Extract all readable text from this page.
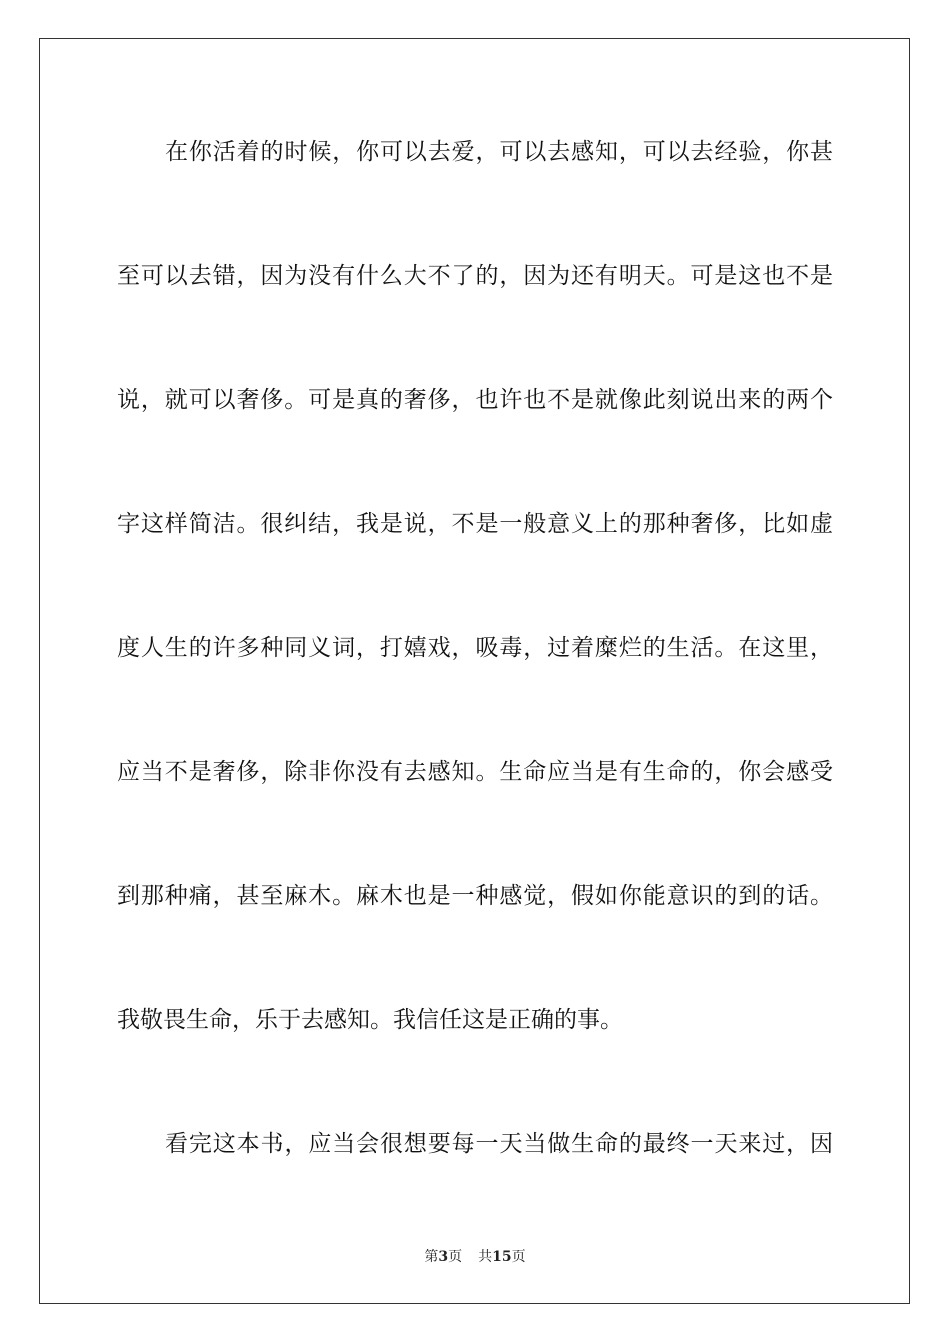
在你活着的时候，你可以去爱，可以去感知，可以去经验，你甚
至可以去错，因为没有什么大不了的，因为还有明天。可是这也不是
说，就可以奢侈。可是真的奢侈，也许也不是就像此刻说出来的两个
字这样简洁。很纠结，我是说，不是一般意义上的那种奢侈，比如虚
度人生的许多种同义词，打嬉戏，吸毒，过着糜烂的生活。在这里，
应当不是奢侈，除非你没有去感知。生命应当是有生命的，你会感受
到那种痛，甚至麻木。麻木也是一种感觉，假如你能意识的到的话。
我敬畏生命，乐于去感知。我信任这是正确的事。
看完这本书，应当会很想要每一天当做生命的最终一天来过，因
第3页 共15页
